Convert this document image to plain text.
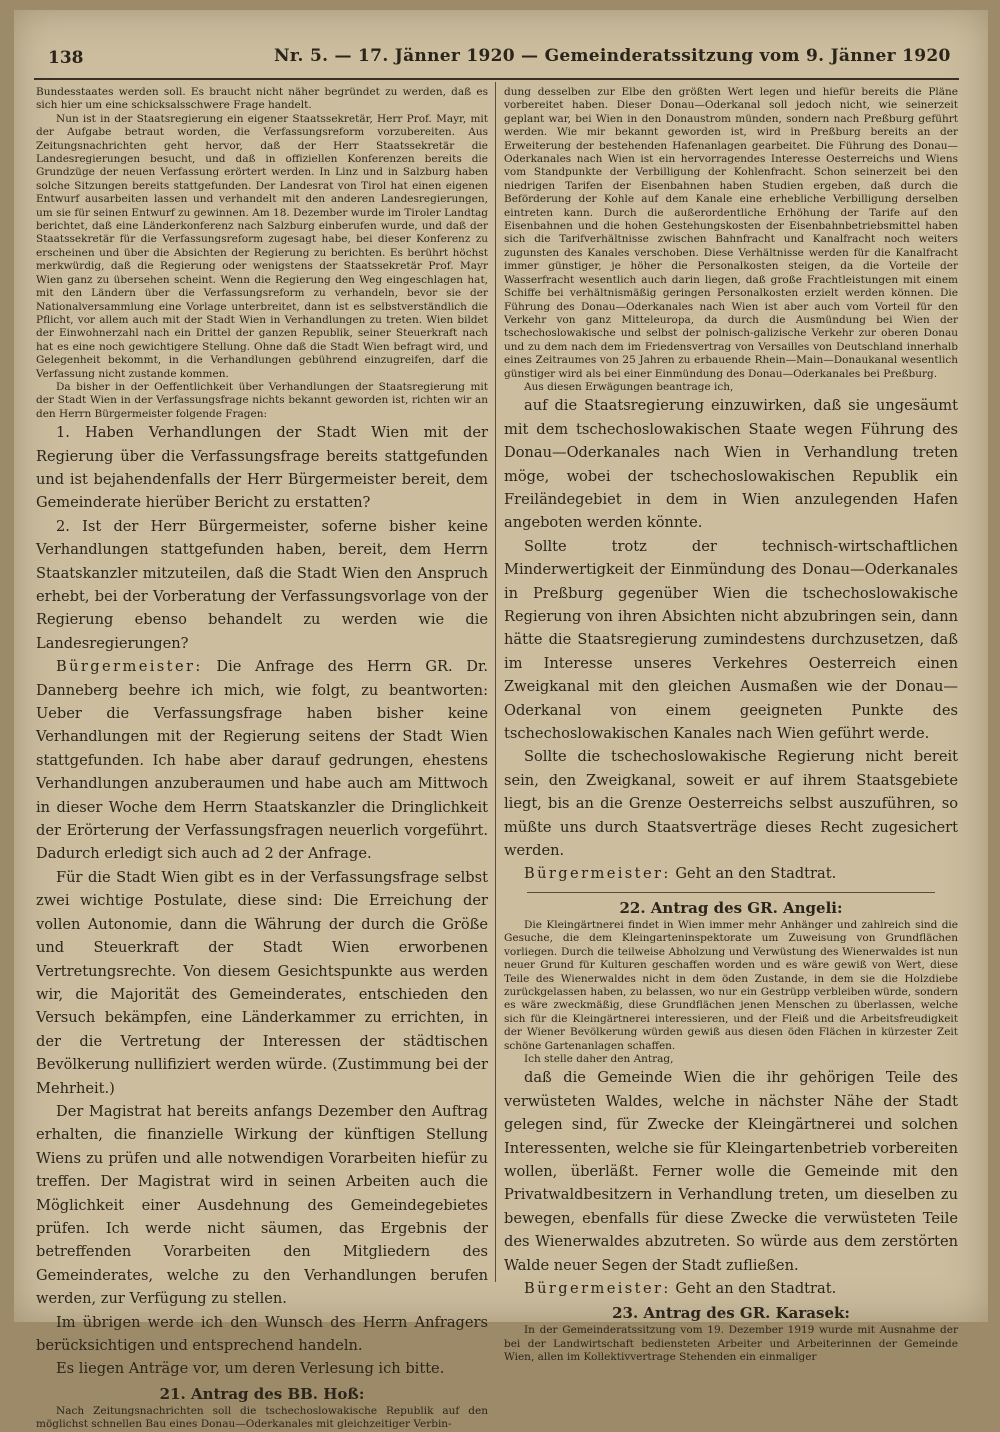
138	Nr. 5. — 17. Jänner 1920 — Gemeinderatssitzung vom 9. Jänner 1920

Bundesstaates werden soll. Es braucht nicht näher begründet zu werden, daß es sich hier um eine schicksalsschwere Frage handelt.

Nun ist in der Staatsregierung ein eigener Staatssekretär, Herr Prof. Mayr, mit der Aufgabe betraut worden, die Verfassungsreform vorzubereiten. Aus Zeitungsnachrichten geht hervor, daß der Herr Staatssekretär die Landesregierungen besucht, und daß in offiziellen Konferenzen bereits die Grundzüge der neuen Verfassung erörtert werden. In Linz und in Salzburg haben solche Sitzungen bereits stattgefunden. Der Landesrat von Tirol hat einen eigenen Entwurf ausarbeiten lassen und verhandelt mit den anderen Landesregierungen, um sie für seinen Entwurf zu gewinnen. Am 18. Dezember wurde im Tiroler Landtag berichtet, daß eine Länderkonferenz nach Salzburg einberufen wurde, und daß der Staatssekretär für die Verfassungsreform zugesagt habe, bei dieser Konferenz zu erscheinen und über die Absichten der Regierung zu berichten. Es berührt höchst merkwürdig, daß die Regierung oder wenigstens der Staatssekretär Prof. Mayr Wien ganz zu übersehen scheint. Wenn die Regierung den Weg eingeschlagen hat, mit den Ländern über die Verfassungsreform zu verhandeln, bevor sie der Nationalversammlung eine Vorlage unterbreitet, dann ist es selbstverständlich die Pflicht, vor allem auch mit der Stadt Wien in Verhandlungen zu treten. Wien bildet der Einwohnerzahl nach ein Drittel der ganzen Republik, seiner Steuerkraft nach hat es eine noch gewichtigere Stellung. Ohne daß die Stadt Wien befragt wird, und Gelegenheit bekommt, in die Verhandlungen gebührend einzugreifen, darf die Verfassung nicht zustande kommen.

Da bisher in der Oeffentlichkeit über Verhandlungen der Staatsregierung mit der Stadt Wien in der Verfassungsfrage nichts bekannt geworden ist, richten wir an den Herrn Bürgermeister folgende Fragen:

1. Haben Verhandlungen der Stadt Wien mit der Regierung über die Verfassungsfrage bereits stattgefunden und ist bejahendenfalls der Herr Bürgermeister bereit, dem Gemeinderate hierüber Bericht zu erstatten?

2. Ist der Herr Bürgermeister, soferne bisher keine Verhandlungen stattgefunden haben, bereit, dem Herrn Staatskanzler mitzuteilen, daß die Stadt Wien den Anspruch erhebt, bei der Vorberatung der Verfassungsvorlage von der Regierung ebenso behandelt zu werden wie die Landesregierungen?

Bürgermeister: Die Anfrage des Herrn GR. Dr. Danneberg beehre ich mich, wie folgt, zu beantworten: Ueber die Verfassungsfrage haben bisher keine Verhandlungen mit der Regierung seitens der Stadt Wien stattgefunden. Ich habe aber darauf gedrungen, ehestens Verhandlungen anzuberaumen und habe auch am Mittwoch in dieser Woche dem Herrn Staatskanzler die Dringlichkeit der Erörterung der Verfassungsfragen neuerlich vorgeführt. Dadurch erledigt sich auch ad 2 der Anfrage.

Für die Stadt Wien gibt es in der Verfassungsfrage selbst zwei wichtige Postulate, diese sind: Die Erreichung der vollen Autonomie, dann die Währung der durch die Größe und Steuerkraft der Stadt Wien erworbenen Vertretungsrechte. Von diesem Gesichtspunkte aus werden wir, die Majorität des Gemeinderates, entschieden den Versuch bekämpfen, eine Länderkammer zu errichten, in der die Vertretung der Interessen der städtischen Bevölkerung nullifiziert werden würde. (Zustimmung bei der Mehrheit.)

Der Magistrat hat bereits anfangs Dezember den Auftrag erhalten, die finanzielle Wirkung der künftigen Stellung Wiens zu prüfen und alle notwendigen Vorarbeiten hiefür zu treffen. Der Magistrat wird in seinen Arbeiten auch die Möglichkeit einer Ausdehnung des Gemeindegebietes prüfen. Ich werde nicht säumen, das Ergebnis der betreffenden Vorarbeiten den Mitgliedern des Gemeinderates, welche zu den Verhandlungen berufen werden, zur Verfügung zu stellen.

Im übrigen werde ich den Wunsch des Herrn Anfragers berücksichtigen und entsprechend handeln.

Es liegen Anträge vor, um deren Verlesung ich bitte.

21. Antrag des BB. Hoß:

Nach Zeitungsnachrichten soll die tschechoslowakische Republik auf den möglichst schnellen Bau eines Donau—Oderkanales mit gleichzeitiger Verbin-

dung desselben zur Elbe den größten Wert legen und hiefür bereits die Pläne vorbereitet haben. Dieser Donau—Oderkanal soll jedoch nicht, wie seinerzeit geplant war, bei Wien in den Donaustrom münden, sondern nach Preßburg geführt werden. Wie mir bekannt geworden ist, wird in Preßburg bereits an der Erweiterung der bestehenden Hafenanlagen gearbeitet. Die Führung des Donau—Oderkanales nach Wien ist ein hervorragendes Interesse Oesterreichs und Wiens vom Standpunkte der Verbilligung der Kohlenfracht. Schon seinerzeit bei den niedrigen Tarifen der Eisenbahnen haben Studien ergeben, daß durch die Beförderung der Kohle auf dem Kanale eine erhebliche Verbilligung derselben eintreten kann. Durch die außerordentliche Erhöhung der Tarife auf den Eisenbahnen und die hohen Gestehungskosten der Eisenbahnbetriebsmittel haben sich die Tarifverhältnisse zwischen Bahnfracht und Kanalfracht noch weiters zugunsten des Kanales verschoben. Diese Verhältnisse werden für die Kanalfracht immer günstiger, je höher die Personalkosten steigen, da die Vorteile der Wasserfracht wesentlich auch darin liegen, daß große Frachtleistungen mit einem Schiffe bei verhältnismäßig geringen Personalkosten erzielt werden können. Die Führung des Donau—Oderkanales nach Wien ist aber auch vom Vorteil für den Verkehr von ganz Mitteleuropa, da durch die Ausmündung bei Wien der tschechoslowakische und selbst der polnisch-galizische Verkehr zur oberen Donau und zu dem nach dem im Friedensvertrag von Versailles von Deutschland innerhalb eines Zeitraumes von 25 Jahren zu erbauende Rhein—Main—Donaukanal wesentlich günstiger wird als bei einer Einmündung des Donau—Oderkanales bei Preßburg.

Aus diesen Erwägungen beantrage ich,

auf die Staatsregierung einzuwirken, daß sie ungesäumt mit dem tschechoslowakischen Staate wegen Führung des Donau—Oderkanales nach Wien in Verhandlung treten möge, wobei der tschechoslowakischen Republik ein Freiländegebiet in dem in Wien anzulegenden Hafen angeboten werden könnte.

Sollte trotz der technisch-wirtschaftlichen Minderwertigkeit der Einmündung des Donau—Oderkanales in Preßburg gegenüber Wien die tschechoslowakische Regierung von ihren Absichten nicht abzubringen sein, dann hätte die Staatsregierung zumindestens durchzusetzen, daß im Interesse unseres Verkehres Oesterreich einen Zweigkanal mit den gleichen Ausmaßen wie der Donau—Oderkanal von einem geeigneten Punkte des tschechoslowakischen Kanales nach Wien geführt werde.

Sollte die tschechoslowakische Regierung nicht bereit sein, den Zweigkanal, soweit er auf ihrem Staatsgebiete liegt, bis an die Grenze Oesterreichs selbst auszuführen, so müßte uns durch Staatsverträge dieses Recht zugesichert werden.

Bürgermeister: Geht an den Stadtrat.

22. Antrag des GR. Angeli:

Die Kleingärtnerei findet in Wien immer mehr Anhänger und zahlreich sind die Gesuche, die dem Kleingarteninspektorate um Zuweisung von Grundflächen vorliegen. Durch die teilweise Abholzung und Verwüstung des Wienerwaldes ist nun neuer Grund für Kulturen geschaffen worden und es wäre gewiß von Wert, diese Teile des Wienerwaldes nicht in dem öden Zustande, in dem sie die Holzdiebe zurückgelassen haben, zu belassen, wo nur ein Gestrüpp verbleiben würde, sondern es wäre zweckmäßig, diese Grundflächen jenen Menschen zu überlassen, welche sich für die Kleingärtnerei interessieren, und der Fleiß und die Arbeitsfreudigkeit der Wiener Bevölkerung würden gewiß aus diesen öden Flächen in kürzester Zeit schöne Gartenanlagen schaffen.

Ich stelle daher den Antrag,

daß die Gemeinde Wien die ihr gehörigen Teile des verwüsteten Waldes, welche in nächster Nähe der Stadt gelegen sind, für Zwecke der Kleingärtnerei und solchen Interessenten, welche sie für Kleingartenbetrieb vorbereiten wollen, überläßt. Ferner wolle die Gemeinde mit den Privatwaldbesitzern in Verhandlung treten, um dieselben zu bewegen, ebenfalls für diese Zwecke die verwüsteten Teile des Wienerwaldes abzutreten. So würde aus dem zerstörten Walde neuer Segen der Stadt zufließen.

Bürgermeister: Geht an den Stadtrat.

23. Antrag des GR. Karasek:

In der Gemeinderatssitzung vom 19. Dezember 1919 wurde mit Ausnahme der bei der Landwirtschaft bediensteten Arbeiter und Arbeiterinnen der Gemeinde Wien, allen im Kollektivvertrage Stehenden ein einmaliger
